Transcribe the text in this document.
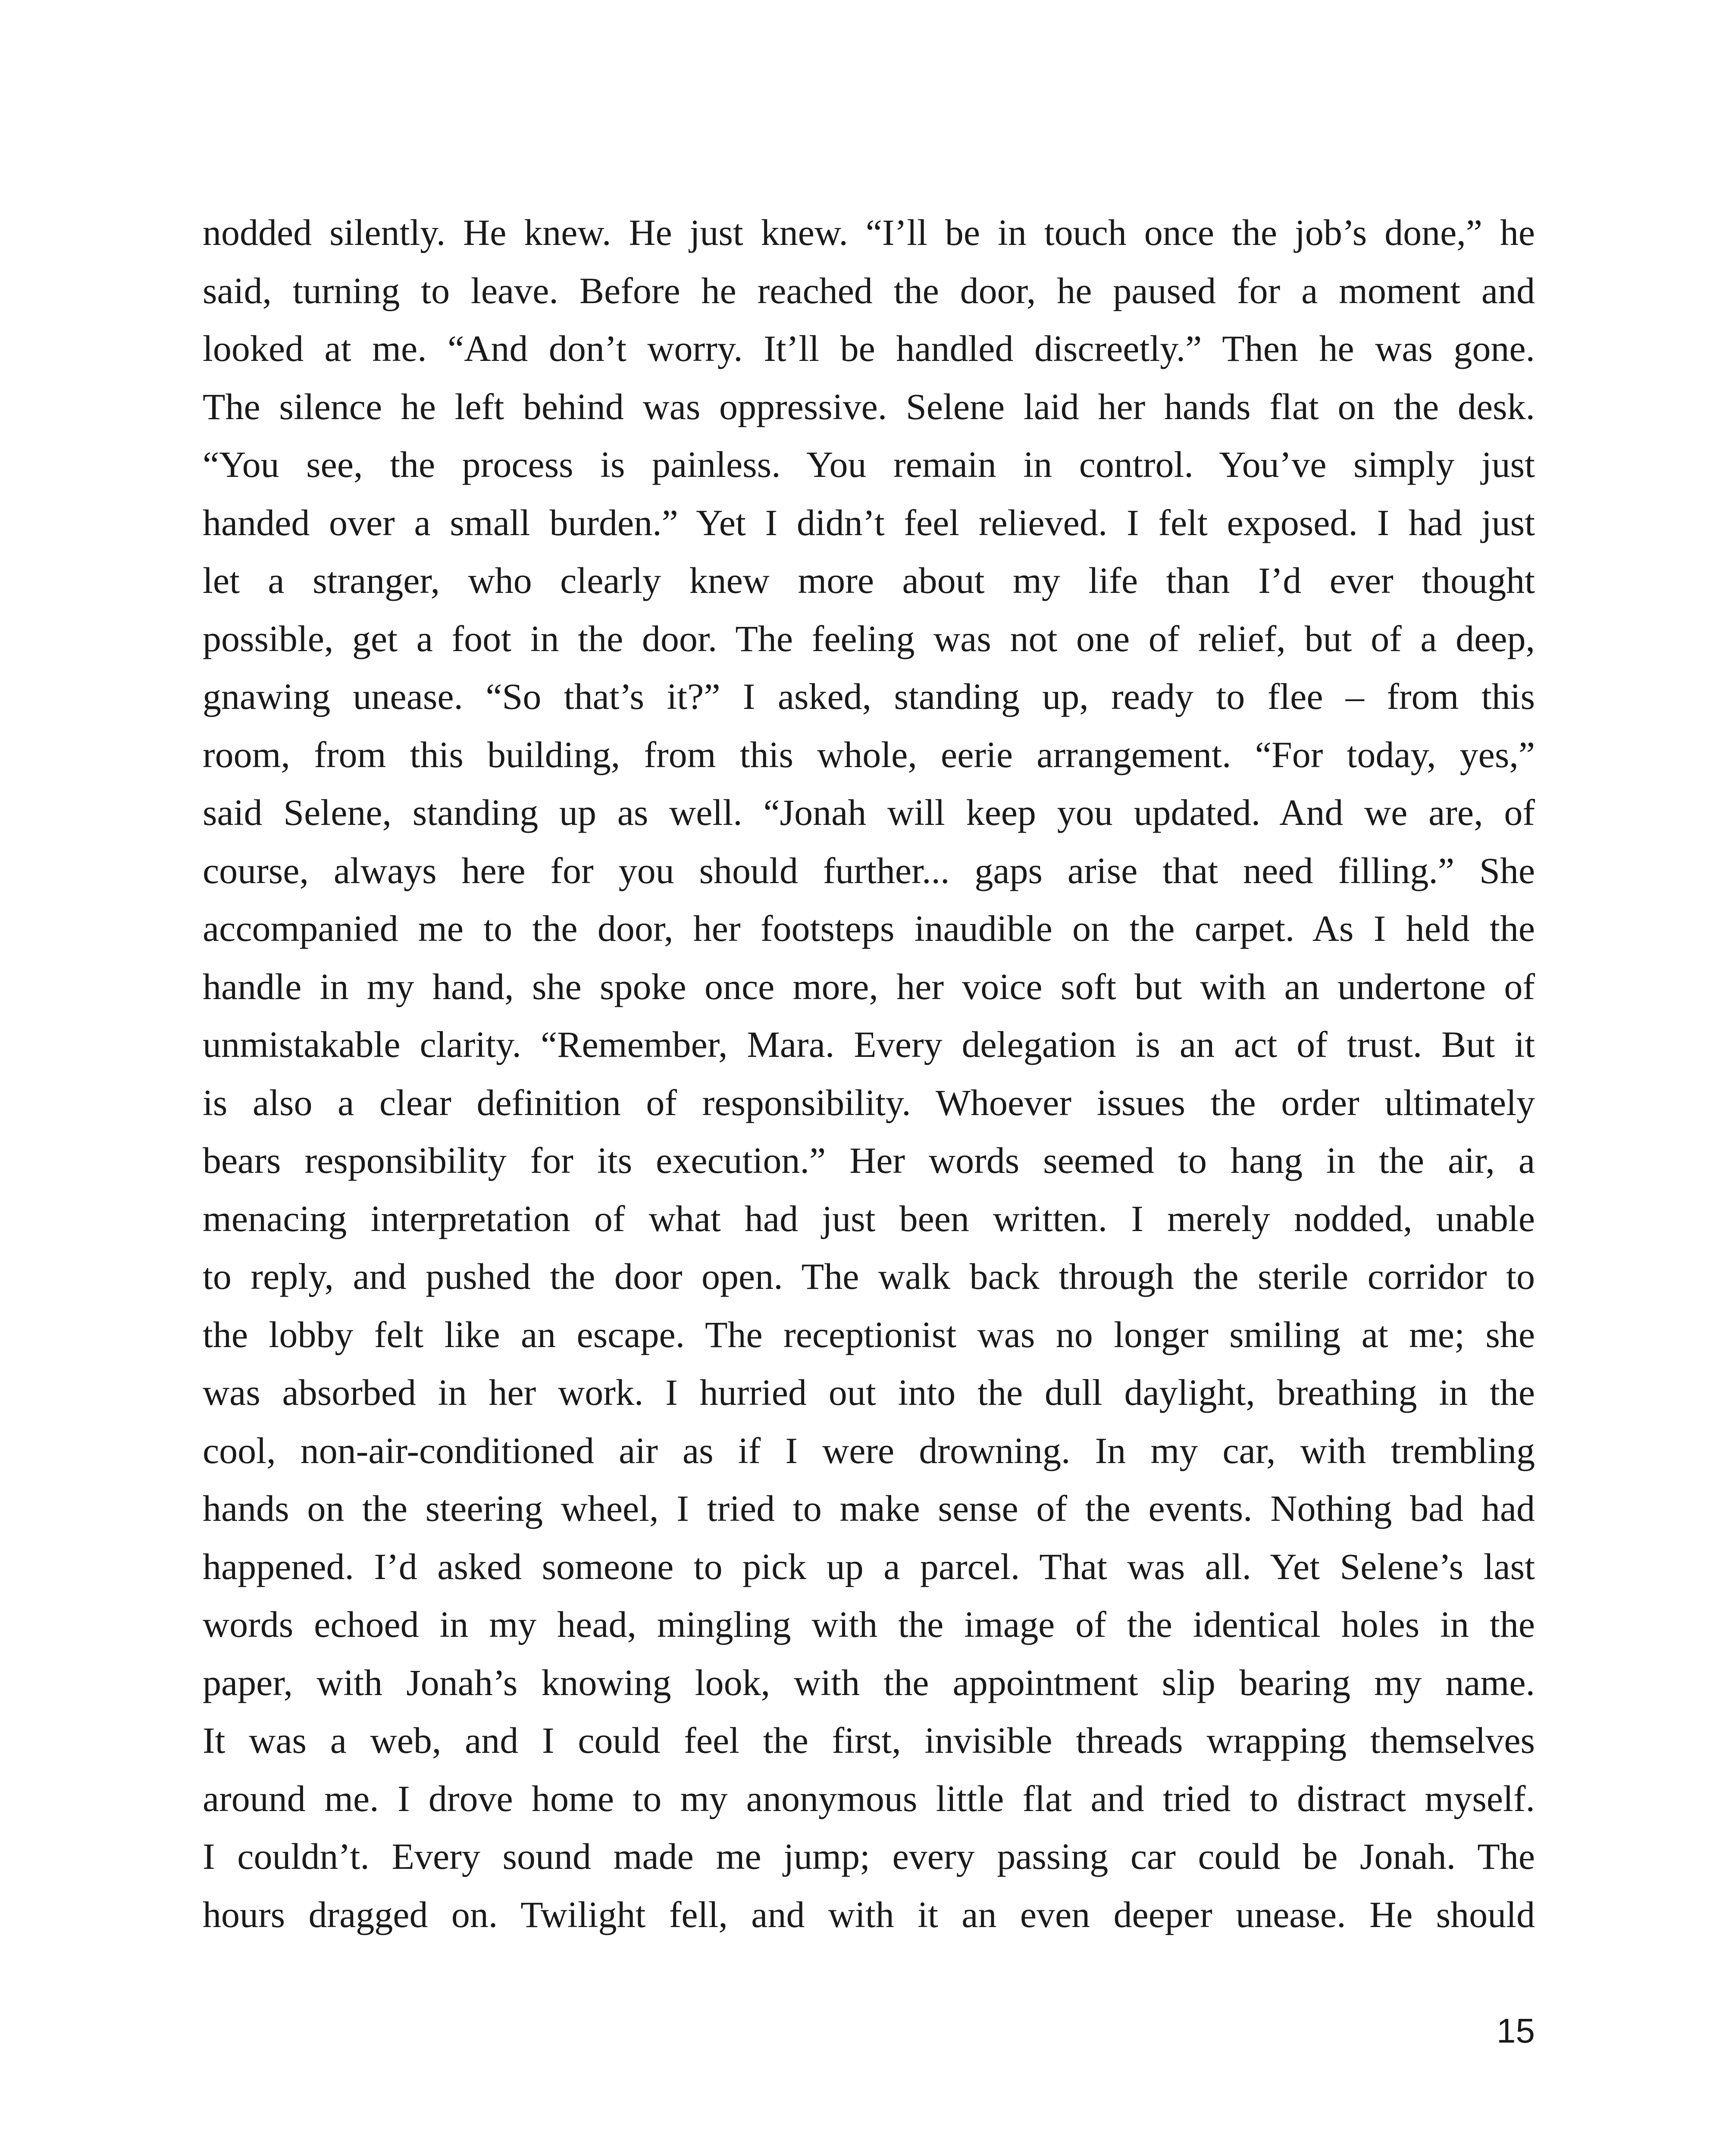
nodded silently. He knew. He just knew. “I’ll be in touch once the job’s done,” he
said, turning to leave. Before he reached the door, he paused for a moment and
looked at me. “And don’t worry. It’ll be handled discreetly.” Then he was gone.
The silence he left behind was oppressive. Selene laid her hands flat on the desk.
“You see, the process is painless. You remain in control. You’ve simply just
handed over a small burden.” Yet I didn’t feel relieved. I felt exposed. I had just
let a stranger, who clearly knew more about my life than I’d ever thought
possible, get a foot in the door. The feeling was not one of relief, but of a deep,
gnawing unease. “So that’s it?” I asked, standing up, ready to flee – from this
room, from this building, from this whole, eerie arrangement. “For today, yes,”
said Selene, standing up as well. “Jonah will keep you updated. And we are, of
course, always here for you should further... gaps arise that need filling.” She
accompanied me to the door, her footsteps inaudible on the carpet. As I held the
handle in my hand, she spoke once more, her voice soft but with an undertone of
unmistakable clarity. “Remember, Mara. Every delegation is an act of trust. But it
is also a clear definition of responsibility. Whoever issues the order ultimately
bears responsibility for its execution.” Her words seemed to hang in the air, a
menacing interpretation of what had just been written. I merely nodded, unable
to reply, and pushed the door open. The walk back through the sterile corridor to
the lobby felt like an escape. The receptionist was no longer smiling at me; she
was absorbed in her work. I hurried out into the dull daylight, breathing in the
cool, non-air-conditioned air as if I were drowning. In my car, with trembling
hands on the steering wheel, I tried to make sense of the events. Nothing bad had
happened. I’d asked someone to pick up a parcel. That was all. Yet Selene’s last
words echoed in my head, mingling with the image of the identical holes in the
paper, with Jonah’s knowing look, with the appointment slip bearing my name.
It was a web, and I could feel the first, invisible threads wrapping themselves
around me. I drove home to my anonymous little flat and tried to distract myself.
I couldn’t. Every sound made me jump; every passing car could be Jonah. The
hours dragged on. Twilight fell, and with it an even deeper unease. He should
15
